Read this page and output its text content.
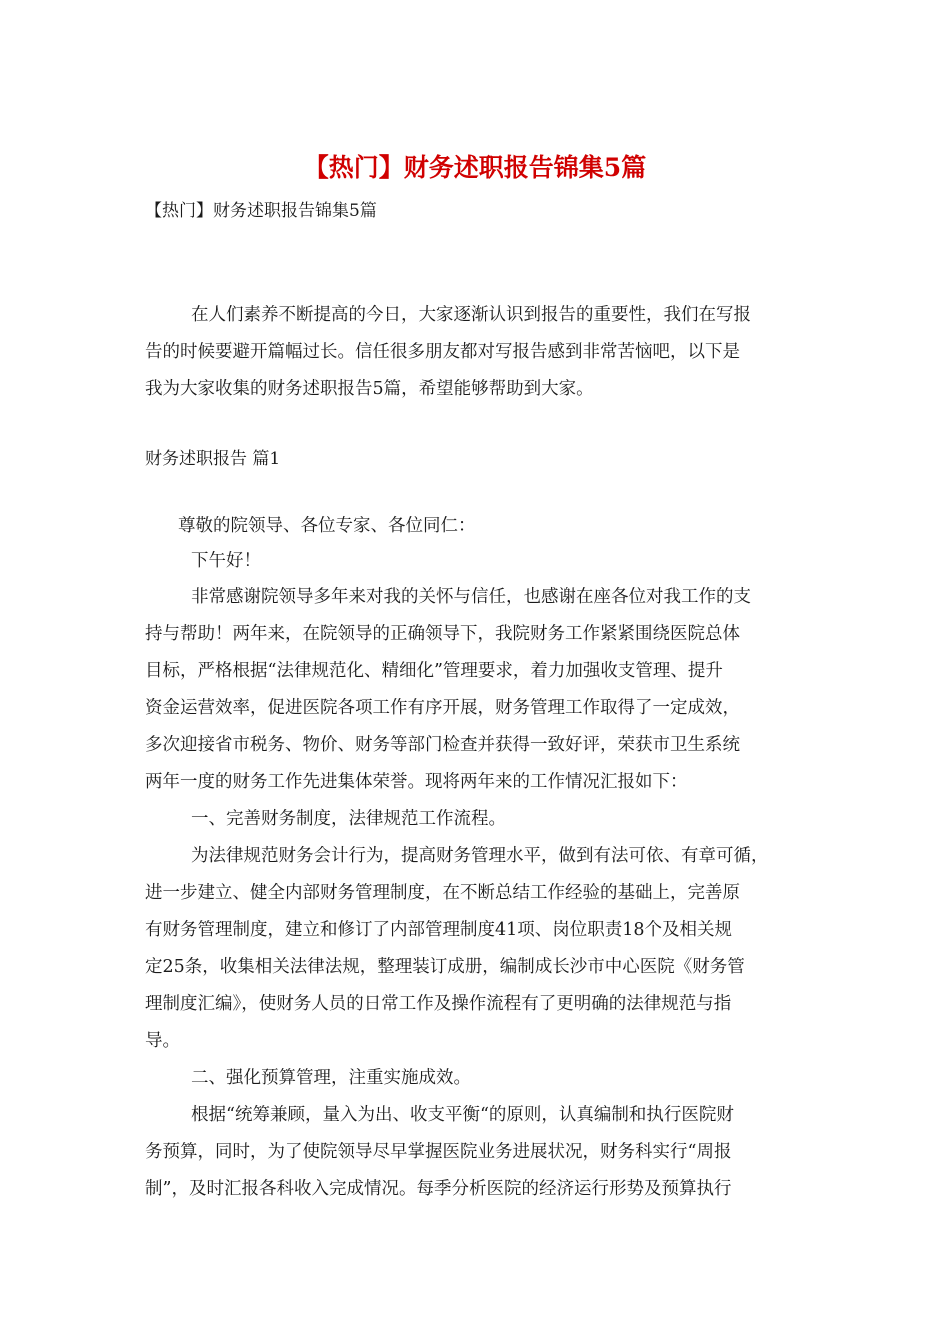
【热门】财务述职报告锦集5篇

【热门】财务述职报告锦集5篇

在人们素养不断提高的今日，大家逐渐认识到报告的重要性，我们在写报
告的时候要避开篇幅过长。信任很多朋友都对写报告感到非常苦恼吧，以下是
我为大家收集的财务述职报告5篇，希望能够帮助到大家。

财务述职报告 篇1

尊敬的院领导、各位专家、各位同仁：

下午好！

非常感谢院领导多年来对我的关怀与信任，也感谢在座各位对我工作的支
持与帮助！两年来，在院领导的正确领导下，我院财务工作紧紧围绕医院总体
目标，严格根据“法律规范化、精细化”管理要求，着力加强收支管理、提升
资金运营效率，促进医院各项工作有序开展，财务管理工作取得了一定成效，
多次迎接省市税务、物价、财务等部门检查并获得一致好评，荣获市卫生系统
两年一度的财务工作先进集体荣誉。现将两年来的工作情况汇报如下：
一、完善财务制度，法律规范工作流程。
为法律规范财务会计行为，提高财务管理水平，做到有法可依、有章可循，
进一步建立、健全内部财务管理制度，在不断总结工作经验的基础上，完善原
有财务管理制度，建立和修订了内部管理制度41项、岗位职责18个及相关规
定25条，收集相关法律法规，整理装订成册，编制成长沙市中心医院《财务管
理制度汇编》，使财务人员的日常工作及操作流程有了更明确的法律规范与指
导。
二、强化预算管理，注重实施成效。
根据“统筹兼顾，量入为出、收支平衡“的原则，认真编制和执行医院财
务预算，同时，为了使院领导尽早掌握医院业务进展状况，财务科实行“周报
制”，及时汇报各科收入完成情况。每季分析医院的经济运行形势及预算执行
